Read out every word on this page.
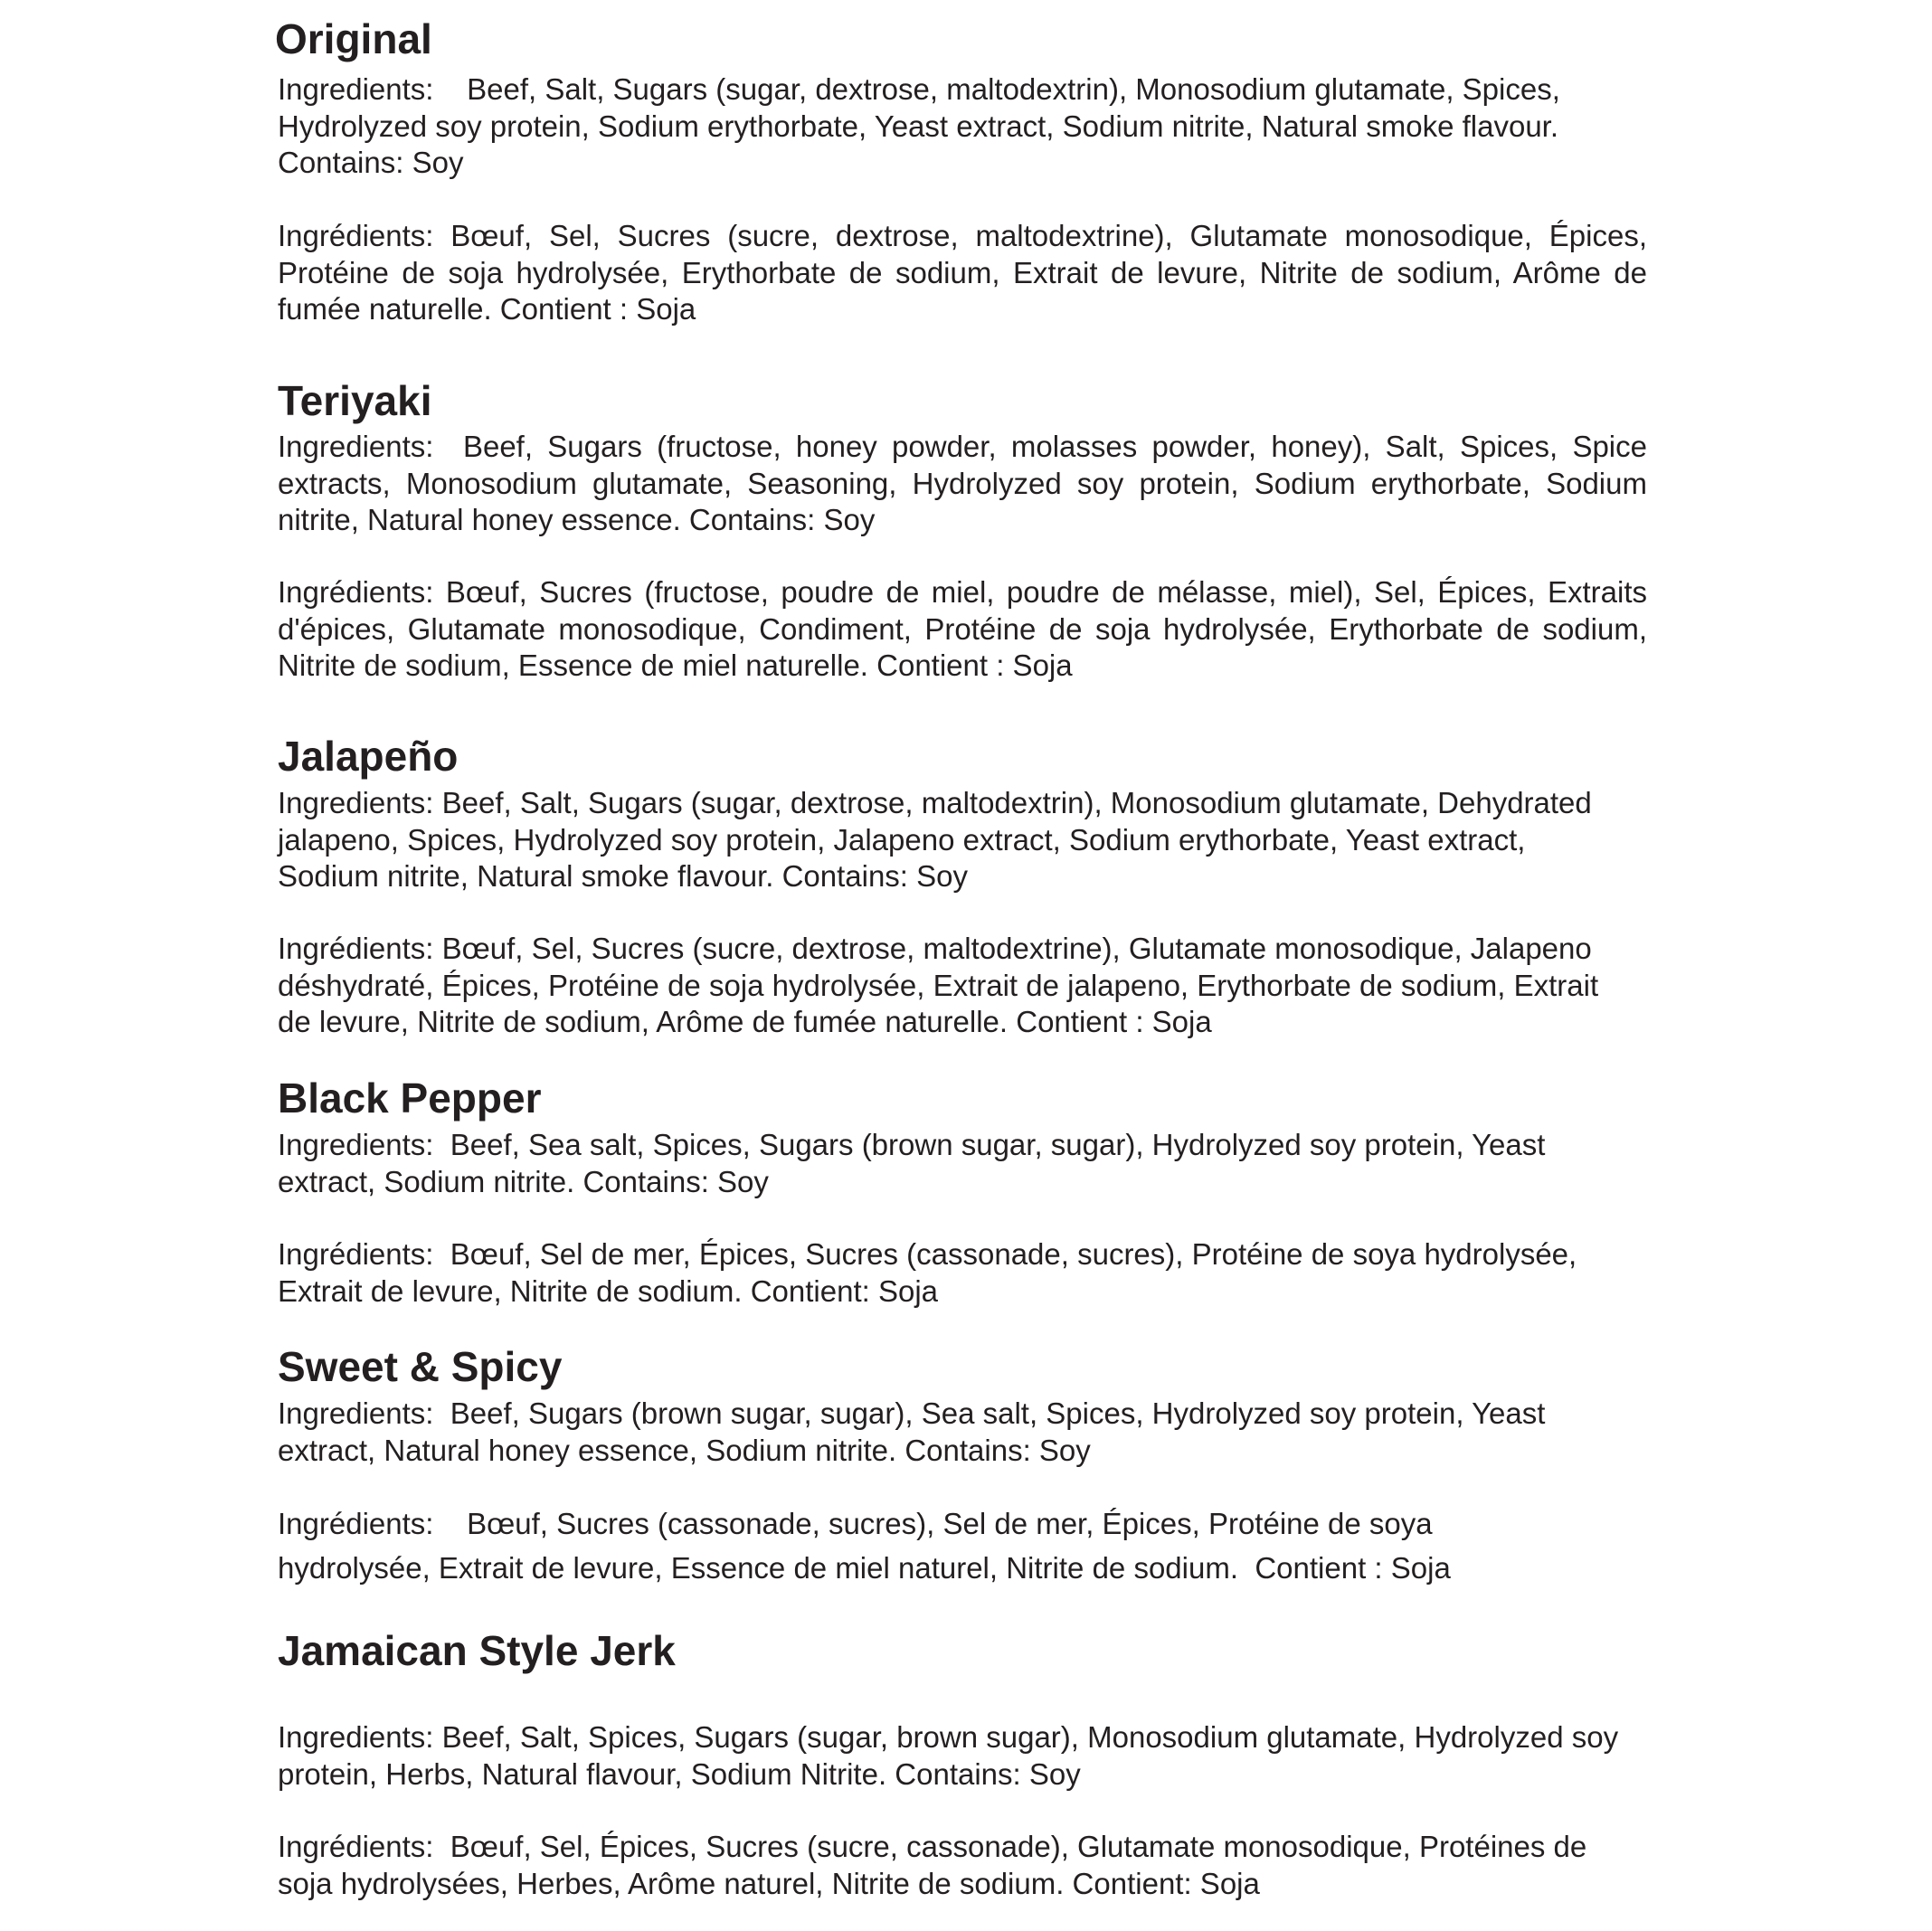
Original

Ingredients:    Beef, Salt, Sugars (sugar, dextrose, maltodextrin), Monosodium glutamate, Spices, Hydrolyzed soy protein, Sodium erythorbate, Yeast extract, Sodium nitrite, Natural smoke flavour. Contains: Soy

Ingrédients: Bœuf, Sel, Sucres (sucre, dextrose, maltodextrine), Glutamate monosodique, Épices, Protéine de soja hydrolysée, Erythorbate de sodium, Extrait de levure, Nitrite de sodium, Arôme de fumée naturelle. Contient : Soja

Teriyaki

Ingredients:  Beef, Sugars (fructose, honey powder, molasses powder, honey), Salt, Spices, Spice extracts, Monosodium glutamate, Seasoning, Hydrolyzed soy protein, Sodium erythorbate, Sodium nitrite, Natural honey essence. Contains: Soy

Ingrédients: Bœuf, Sucres (fructose, poudre de miel, poudre de mélasse, miel), Sel, Épices, Extraits d'épices, Glutamate monosodique, Condiment, Protéine de soja hydrolysée, Erythorbate de sodium, Nitrite de sodium, Essence de miel naturelle. Contient : Soja

Jalapeño

Ingredients: Beef, Salt, Sugars (sugar, dextrose, maltodextrin), Monosodium glutamate, Dehydrated jalapeno, Spices, Hydrolyzed soy protein, Jalapeno extract, Sodium erythorbate, Yeast extract, Sodium nitrite, Natural smoke flavour. Contains: Soy

Ingrédients: Bœuf, Sel, Sucres (sucre, dextrose, maltodextrine), Glutamate monosodique, Jalapeno déshydraté, Épices, Protéine de soja hydrolysée, Extrait de jalapeno, Erythorbate de sodium, Extrait de levure, Nitrite de sodium, Arôme de fumée naturelle. Contient : Soja

Black Pepper

Ingredients:  Beef, Sea salt, Spices, Sugars (brown sugar, sugar), Hydrolyzed soy protein, Yeast extract, Sodium nitrite. Contains: Soy

Ingrédients:  Bœuf, Sel de mer, Épices, Sucres (cassonade, sucres), Protéine de soya hydrolysée, Extrait de levure, Nitrite de sodium. Contient: Soja

Sweet & Spicy

Ingredients:  Beef, Sugars (brown sugar, sugar), Sea salt, Spices, Hydrolyzed soy protein, Yeast extract, Natural honey essence, Sodium nitrite. Contains: Soy

Ingrédients:    Bœuf, Sucres (cassonade, sucres), Sel de mer, Épices, Protéine de soya hydrolysée, Extrait de levure, Essence de miel naturel, Nitrite de sodium.  Contient : Soja

Jamaican Style Jerk

Ingredients: Beef, Salt, Spices, Sugars (sugar, brown sugar), Monosodium glutamate, Hydrolyzed soy protein, Herbs, Natural flavour, Sodium Nitrite. Contains: Soy

Ingrédients:  Bœuf, Sel, Épices, Sucres (sucre, cassonade), Glutamate monosodique, Protéines de soja hydrolysées, Herbes, Arôme naturel, Nitrite de sodium. Contient: Soja
